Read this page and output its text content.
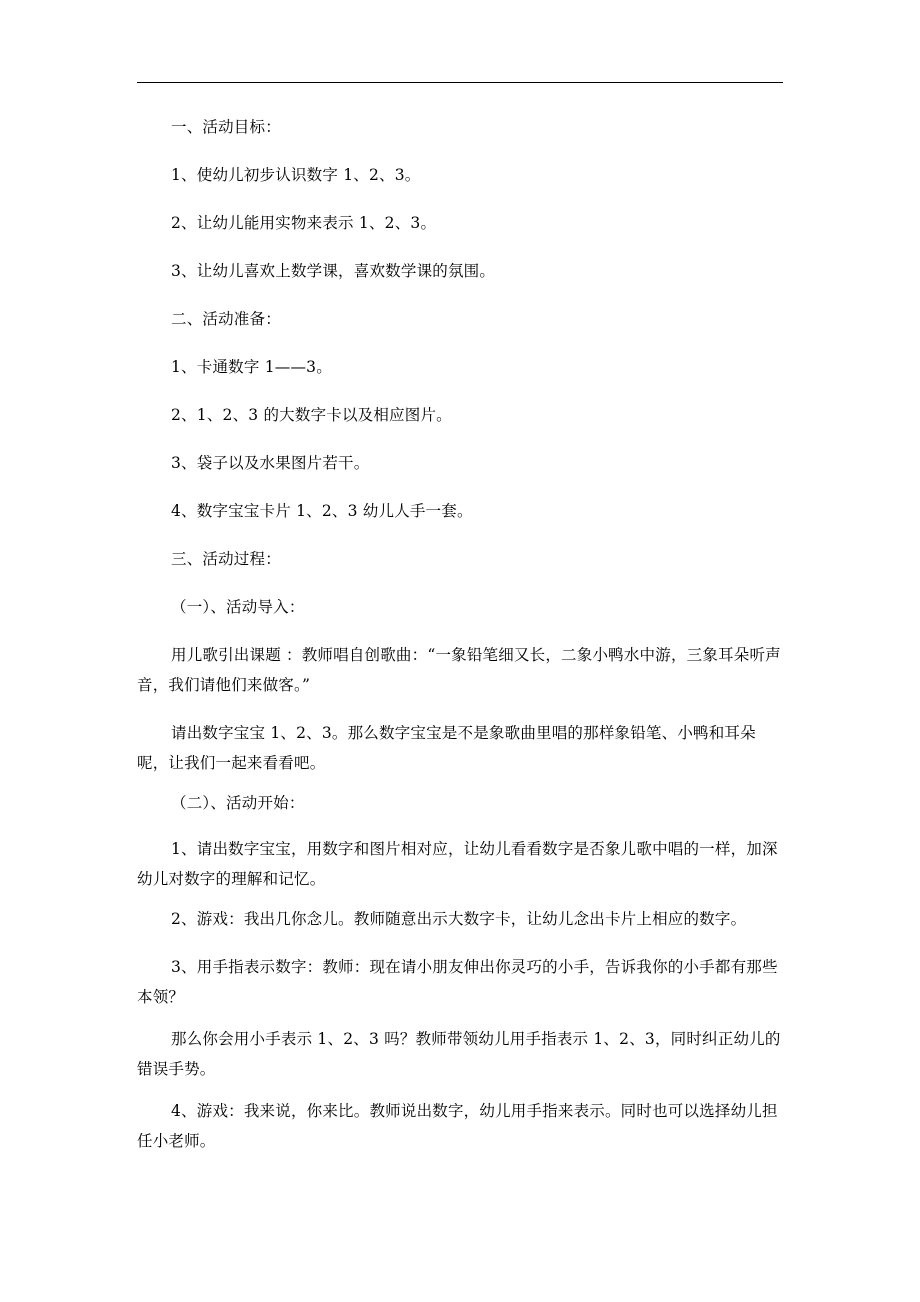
一、活动目标：

1、使幼儿初步认识数字 1、2、3。

2、让幼儿能用实物来表示 1、2、3。

3、让幼儿喜欢上数学课，喜欢数学课的氛围。

二、活动准备：

1、卡通数字 1——3。

2、1、2、3 的大数字卡以及相应图片。

3、袋子以及水果图片若干。

4、数字宝宝卡片 1、2、3 幼儿人手一套。

三、活动过程：

（一）、活动导入：

用儿歌引出课题 ：教师唱自创歌曲：“一象铅笔细又长，二象小鸭水中游，三象耳朵听声音，我们请他们来做客。”

请出数字宝宝 1、2、3。那么数字宝宝是不是象歌曲里唱的那样象铅笔、小鸭和耳朵呢，让我们一起来看看吧。

（二）、活动开始：

1、请出数字宝宝，用数字和图片相对应，让幼儿看看数字是否象儿歌中唱的一样，加深幼儿对数字的理解和记忆。

2、游戏：我出几你念儿。教师随意出示大数字卡，让幼儿念出卡片上相应的数字。

3、用手指表示数字：教师：现在请小朋友伸出你灵巧的小手，告诉我你的小手都有那些本领？

那么你会用小手表示 1、2、3 吗？教师带领幼儿用手指表示 1、2、3，同时纠正幼儿的错误手势。

4、游戏：我来说，你来比。教师说出数字，幼儿用手指来表示。同时也可以选择幼儿担任小老师。
